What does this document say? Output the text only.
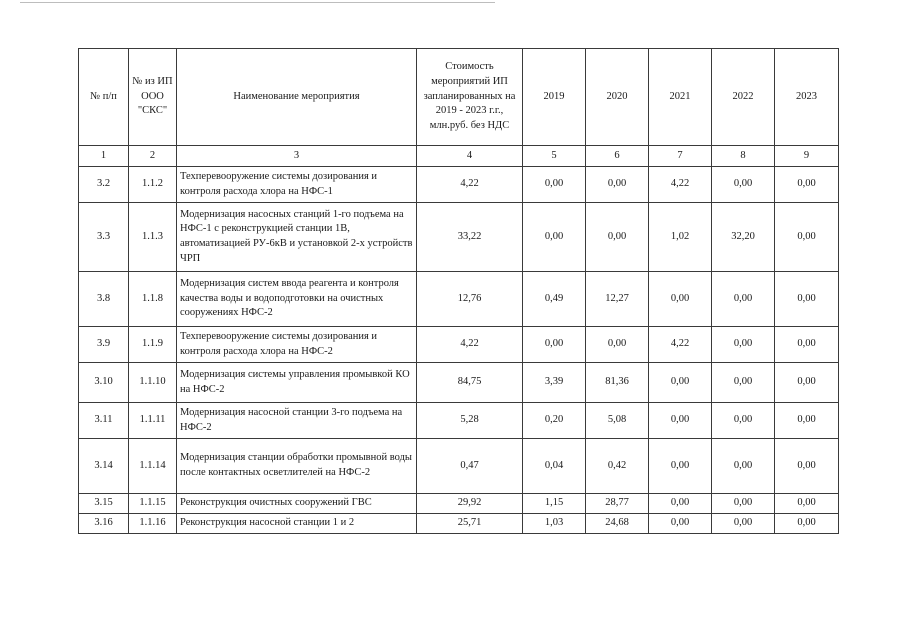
№ п/п	№ из ИП ООО "СКС"	Наименование мероприятия	Стоимость мероприятий ИП запланированных на 2019 - 2023 г.г., млн.руб. без НДС	2019	2020	2021	2022	2023
1	2	3	4	5	6	7	8	9
3.2	1.1.2	Техперевооружение системы дозирования и контроля расхода хлора на НФС-1	4,22	0,00	0,00	4,22	0,00	0,00
3.3	1.1.3	Модернизация насосных станций 1-го подъема на НФС-1 с реконструкцией станции 1В, автоматизацией РУ-6кВ и установкой 2-х устройств ЧРП	33,22	0,00	0,00	1,02	32,20	0,00
3.8	1.1.8	Модернизация систем ввода реагента и контроля качества воды и водоподготовки на очистных сооружениях НФС-2	12,76	0,49	12,27	0,00	0,00	0,00
3.9	1.1.9	Техперевооружение системы дозирования и контроля расхода хлора на НФС-2	4,22	0,00	0,00	4,22	0,00	0,00
3.10	1.1.10	Модернизация системы управления промывкой КО на НФС-2	84,75	3,39	81,36	0,00	0,00	0,00
3.11	1.1.11	Модернизация насосной станции 3-го подъема на НФС-2	5,28	0,20	5,08	0,00	0,00	0,00
3.14	1.1.14	Модернизация станции обработки промывной воды после контактных осветлителей на НФС-2	0,47	0,04	0,42	0,00	0,00	0,00
3.15	1.1.15	Реконструкция очистных сооружений ГВС	29,92	1,15	28,77	0,00	0,00	0,00
3.16	1.1.16	Реконструкция насосной станции 1 и 2	25,71	1,03	24,68	0,00	0,00	0,00
